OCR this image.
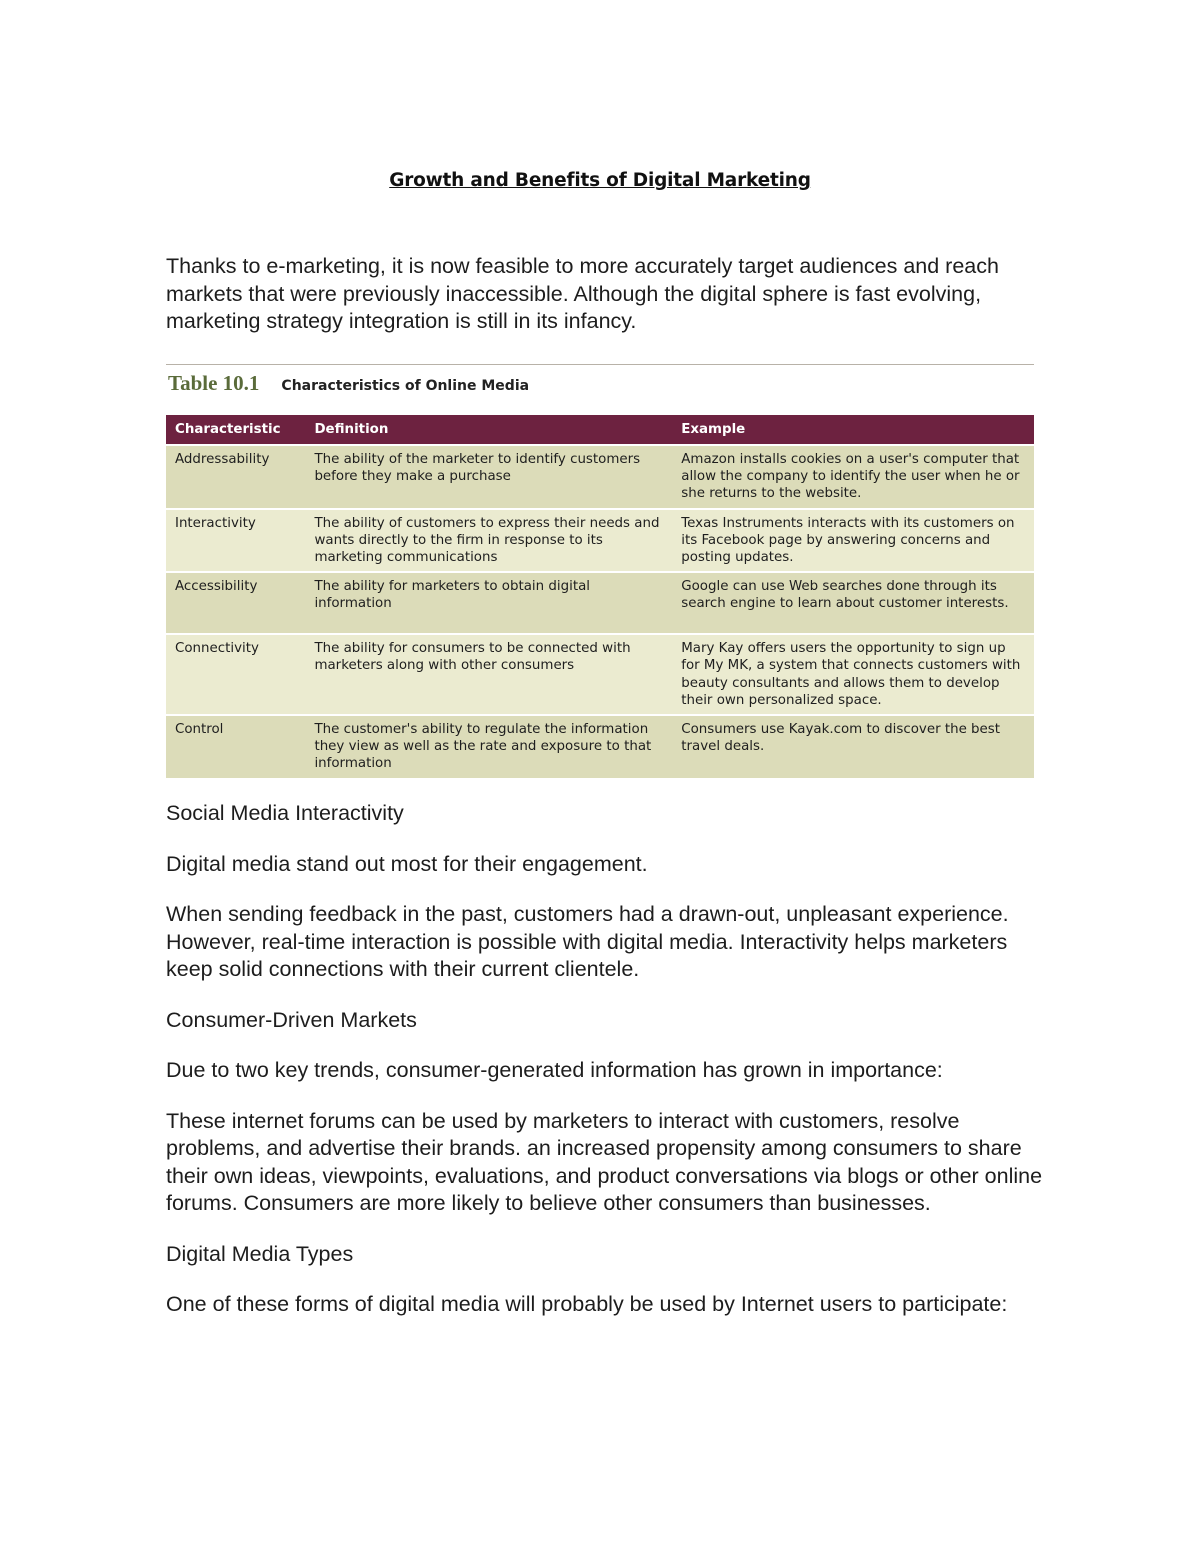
Growth and Benefits of Digital Marketing

Thanks to e-marketing, it is now feasible to more accurately target audiences and reach markets that were previously inaccessible. Although the digital sphere is fast evolving, marketing strategy integration is still in its infancy.

Table 10.1 Characteristics of Online Media
Characteristic	Definition	Example
Addressability	The ability of the marketer to identify customers before they make a purchase	Amazon installs cookies on a user's computer that allow the company to identify the user when he or she returns to the website.
Interactivity	The ability of customers to express their needs and wants directly to the firm in response to its marketing communications	Texas Instruments interacts with its customers on its Facebook page by answering concerns and posting updates.
Accessibility	The ability for marketers to obtain digital information	Google can use Web searches done through its search engine to learn about customer interests.
Connectivity	The ability for consumers to be connected with marketers along with other consumers	Mary Kay offers users the opportunity to sign up for My MK, a system that connects customers with beauty consultants and allows them to develop their own personalized space.
Control	The customer's ability to regulate the information they view as well as the rate and exposure to that information	Consumers use Kayak.com to discover the best travel deals.

Social Media Interactivity

Digital media stand out most for their engagement.

When sending feedback in the past, customers had a drawn-out, unpleasant experience. However, real-time interaction is possible with digital media. Interactivity helps marketers keep solid connections with their current clientele.

Consumer-Driven Markets

Due to two key trends, consumer-generated information has grown in importance:

These internet forums can be used by marketers to interact with customers, resolve problems, and advertise their brands. an increased propensity among consumers to share their own ideas, viewpoints, evaluations, and product conversations via blogs or other online forums. Consumers are more likely to believe other consumers than businesses.

Digital Media Types

One of these forms of digital media will probably be used by Internet users to participate:
